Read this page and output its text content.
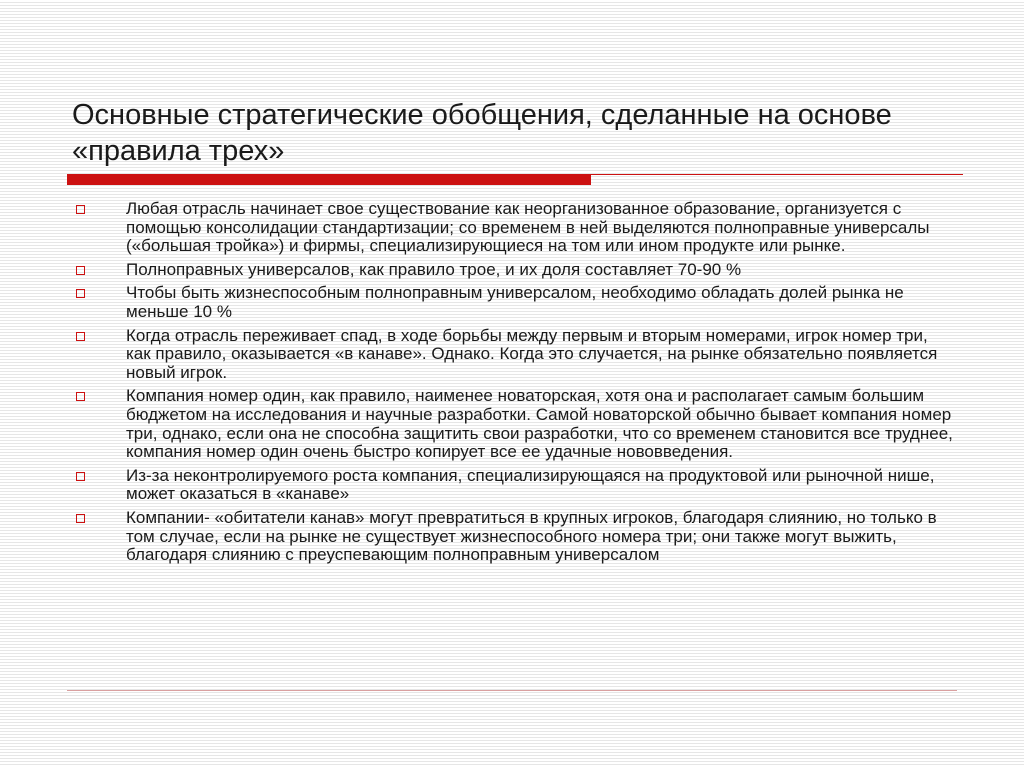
Основные стратегические обобщения, сделанные на основе «правила трех»
Любая отрасль начинает свое существование как неорганизованное образование, организуется с помощью консолидации стандартизации; со временем в ней выделяются полноправные универсалы («большая тройка») и фирмы, специализирующиеся на том или ином продукте или рынке.
Полноправных универсалов, как правило трое, и их доля составляет 70-90 %
Чтобы быть жизнеспособным полноправным универсалом, необходимо обладать долей рынка не меньше 10 %
Когда отрасль переживает спад, в ходе борьбы между первым и вторым номерами, игрок номер три, как правило, оказывается «в канаве». Однако. Когда это случается, на рынке обязательно появляется новый игрок.
Компания номер один, как правило, наименее новаторская, хотя она и располагает самым большим бюджетом на исследования и научные разработки. Самой новаторской обычно бывает компания номер три, однако, если она не способна защитить свои разработки, что со временем становится все труднее, компания номер один очень быстро копирует все ее удачные нововведения.
Из-за неконтролируемого роста компания, специализирующаяся на продуктовой или рыночной нише, может оказаться в «канаве»
Компании- «обитатели канав» могут превратиться в крупных игроков, благодаря слиянию, но только в том случае, если на рынке не существует жизнеспособного номера три; они также могут выжить, благодаря слиянию с преуспевающим полноправным универсалом
